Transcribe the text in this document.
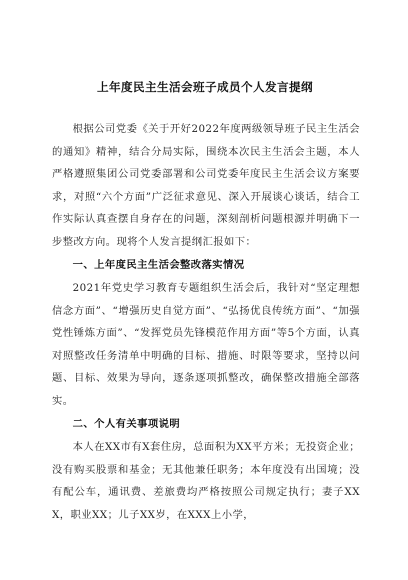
上年度民主生活会班子成员个人发言提纲

根据公司党委《关于开好2022年度两级领导班子民主生活会的通知》精神，结合分局实际，围绕本次民主生活会主题，本人严格遵照集团公司党委部署和公司党委年度民主生活会议方案要求，对照“六个方面”广泛征求意见、深入开展谈心谈话，结合工作实际认真查摆自身存在的问题，深刻剖析问题根源并明确下一步整改方向。现将个人发言提纲汇报如下：

一、上年度民主生活会整改落实情况

2021年党史学习教育专题组织生活会后，我针对“坚定理想信念方面”、“增强历史自觉方面”、“弘扬优良传统方面”、“加强党性锤炼方面”、“发挥党员先锋模范作用方面”等5个方面，认真对照整改任务清单中明确的目标、措施、时限等要求，坚持以问题、目标、效果为导向，逐条逐项抓整改，确保整改措施全部落实。

二、个人有关事项说明

本人在XX市有X套住房，总面积为XX平方米；无投资企业；没有购买股票和基金；无其他兼任职务；本年度没有出国境；没有配公车，通讯费、差旅费均严格按照公司规定执行；妻子XXX，职业XX；儿子XX岁，在XXX上小学，
